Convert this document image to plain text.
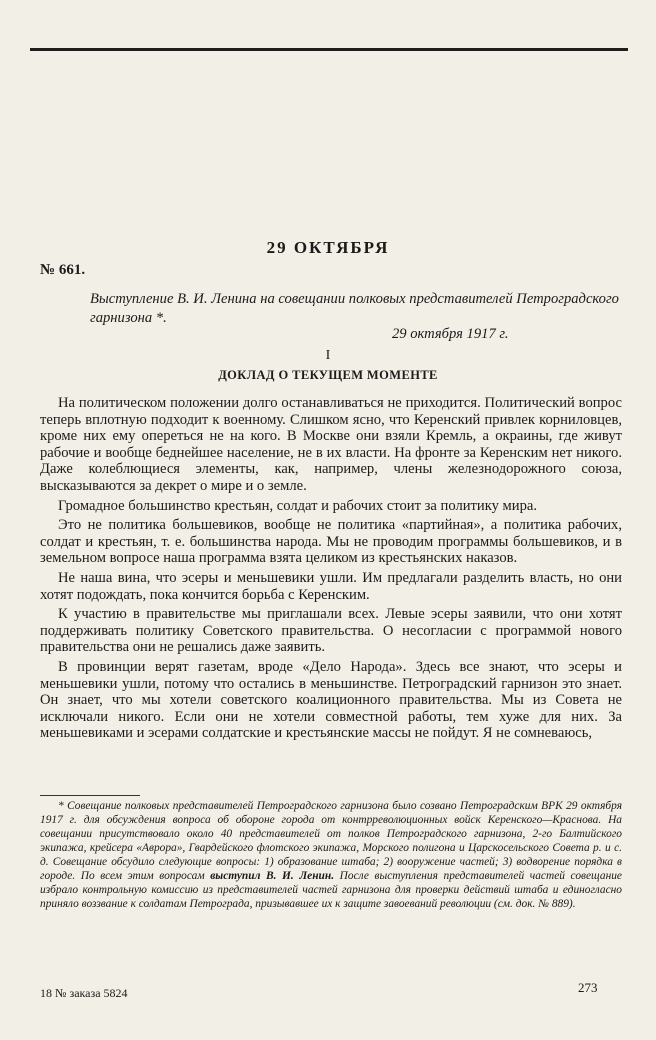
29 ОКТЯБРЯ
№ 661.
Выступление В. И. Ленина на совещании полковых представителей Петроградского гарнизона *.
29 октября 1917 г.
I
ДОКЛАД О ТЕКУЩЕМ МОМЕНТЕ

На политическом положении долго останавливаться не приходится. Политический вопрос теперь вплотную подходит к военному. Слишком ясно, что Керенский привлек корниловцев, кроме них ему опереться не на кого. В Москве они взяли Кремль, а окраины, где живут рабочие и вообще беднейшее население, не в их власти. На фронте за Керенским нет никого. Даже колеблющиеся элементы, как, например, члены железнодорожного союза, высказываются за декрет о мире и о земле.

Громадное большинство крестьян, солдат и рабочих стоит за политику мира.

Это не политика большевиков, вообще не политика «партийная», а политика рабочих, солдат и крестьян, т. е. большинства народа. Мы не проводим программы большевиков, и в земельном вопросе наша программа взята целиком из крестьянских наказов.

Не наша вина, что эсеры и меньшевики ушли. Им предлагали разделить власть, но они хотят подождать, пока кончится борьба с Керенским.

К участию в правительстве мы приглашали всех. Левые эсеры заявили, что они хотят поддерживать политику Советского правительства. О несогласии с программой нового правительства они не решались даже заявить.

В провинции верят газетам, вроде «Дело Народа». Здесь все знают, что эсеры и меньшевики ушли, потому что остались в меньшинстве. Петроградский гарнизон это знает. Он знает, что мы хотели советского коалиционного правительства. Мы из Совета не исключали никого. Если они не хотели совместной работы, тем хуже для них. За меньшевиками и эсерами солдатские и крестьянские массы не пойдут. Я не сомневаюсь,

* Совещание полковых представителей Петроградского гарнизона было созвано Петроградским ВРК 29 октября 1917 г. для обсуждения вопроса об обороне города от контрреволюционных войск Керенского—Краснова. На совещании присутствовало около 40 представителей от полков Петроградского гарнизона, 2-го Балтийского экипажа, крейсера «Аврора», Гвардейского флотского экипажа, Морского полигона и Царскосельского Совета р. и с. д. Совещание обсудило следующие вопросы: 1) образование штаба; 2) вооружение частей; 3) водворение порядка в городе. По всем этим вопросам выступил В. И. Ленин. После выступления представителей частей совещание избрало контрольную комиссию из представителей частей гарнизона для проверки действий штаба и единогласно приняло воззвание к солдатам Петрограда, призывавшее их к защите завоеваний революции (см. док. № 889).

18 № заказа 5824	273
